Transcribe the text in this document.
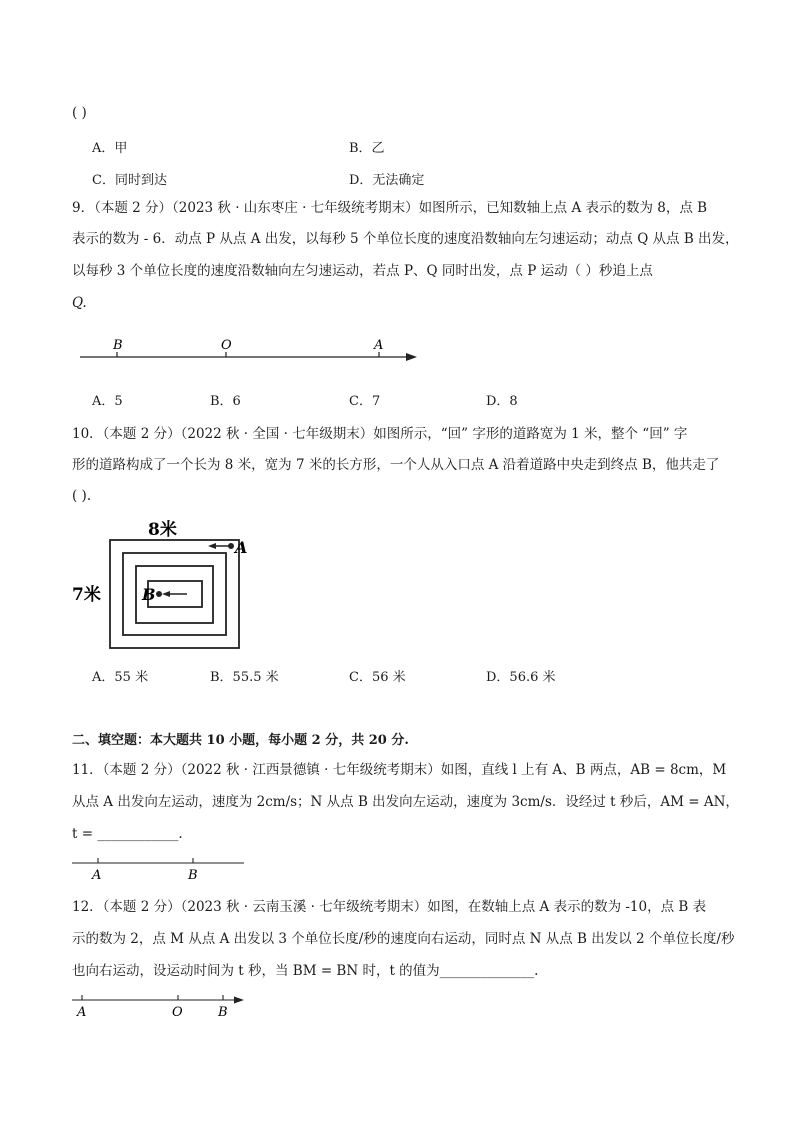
( )
A．甲	B．乙
C．同时到达	D．无法确定
9．（本题 2 分）（2023 秋 · 山东枣庄 · 七年级统考期末）如图所示，已知数轴上点 A 表示的数为 8，点 B
表示的数为 - 6．动点 P 从点 A 出发，以每秒 5 个单位长度的速度沿数轴向左匀速运动；动点 Q 从点 B 出发，
以每秒 3 个单位长度的速度沿数轴向左匀速运动，若点 P、Q 同时出发，点 P 运动（ ）秒追上点
Q.
B	O	A
A．5	B．6	C．7	D．8
10．（本题 2 分）（2022 秋 · 全国 · 七年级期末）如图所示，“回” 字形的道路宽为 1 米，整个 “回” 字
形的道路构成了一个长为 8 米，宽为 7 米的长方形，一个人从入口点 A 沿着道路中央走到终点 B，他共走了
( ).
8米
7米
A
B
A．55 米	B．55.5 米	C．56 米	D．56.6 米
二、填空题：本大题共 10 小题，每小题 2 分，共 20 分.
11．（本题 2 分）（2022 秋 · 江西景德镇 · 七年级统考期末）如图，直线 l 上有 A、B 两点，AB = 8cm，M
从点 A 出发向左运动，速度为 2cm/s；N 从点 B 出发向左运动，速度为 3cm/s．设经过 t 秒后，AM = AN，
t = ____________.
A	B
12．（本题 2 分）（2023 秋 · 云南玉溪 · 七年级统考期末）如图，在数轴上点 A 表示的数为 -10，点 B 表
示的数为 2，点 M 从点 A 出发以 3 个单位长度/秒的速度向右运动，同时点 N 从点 B 出发以 2 个单位长度/秒
也向右运动，设运动时间为 t 秒，当 BM = BN 时，t 的值为______________.
A	O	B
